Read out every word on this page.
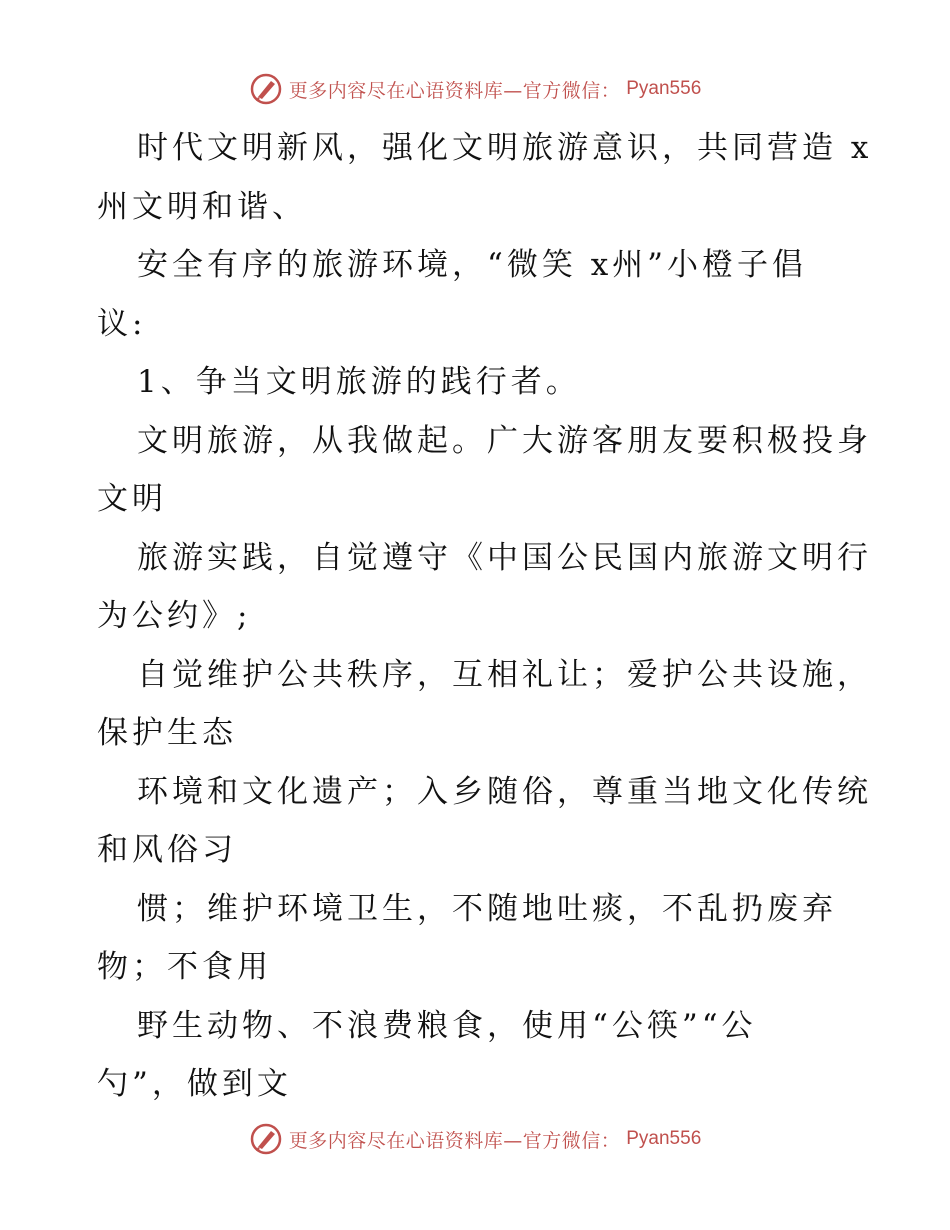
更多内容尽在心语资料库—官方微信： Pyan556

时代文明新风，强化文明旅游意识，共同营造 x

州文明和谐、

安全有序的旅游环境，“微笑 x州”小橙子倡

议:

1、争当文明旅游的践行者。

文明旅游，从我做起。广大游客朋友要积极投身

文明

旅游实践，自觉遵守《中国公民国内旅游文明行

为公约》;

自觉维护公共秩序，互相礼让；爱护公共设施，

保护生态

环境和文化遗产；入乡随俗，尊重当地文化传统

和风俗习

惯；维护环境卫生，不随地吐痰，不乱扔废弃

物；不食用

野生动物、不浪费粮食，使用“公筷”“公

勺”，做到文

更多内容尽在心语资料库—官方微信： Pyan556
